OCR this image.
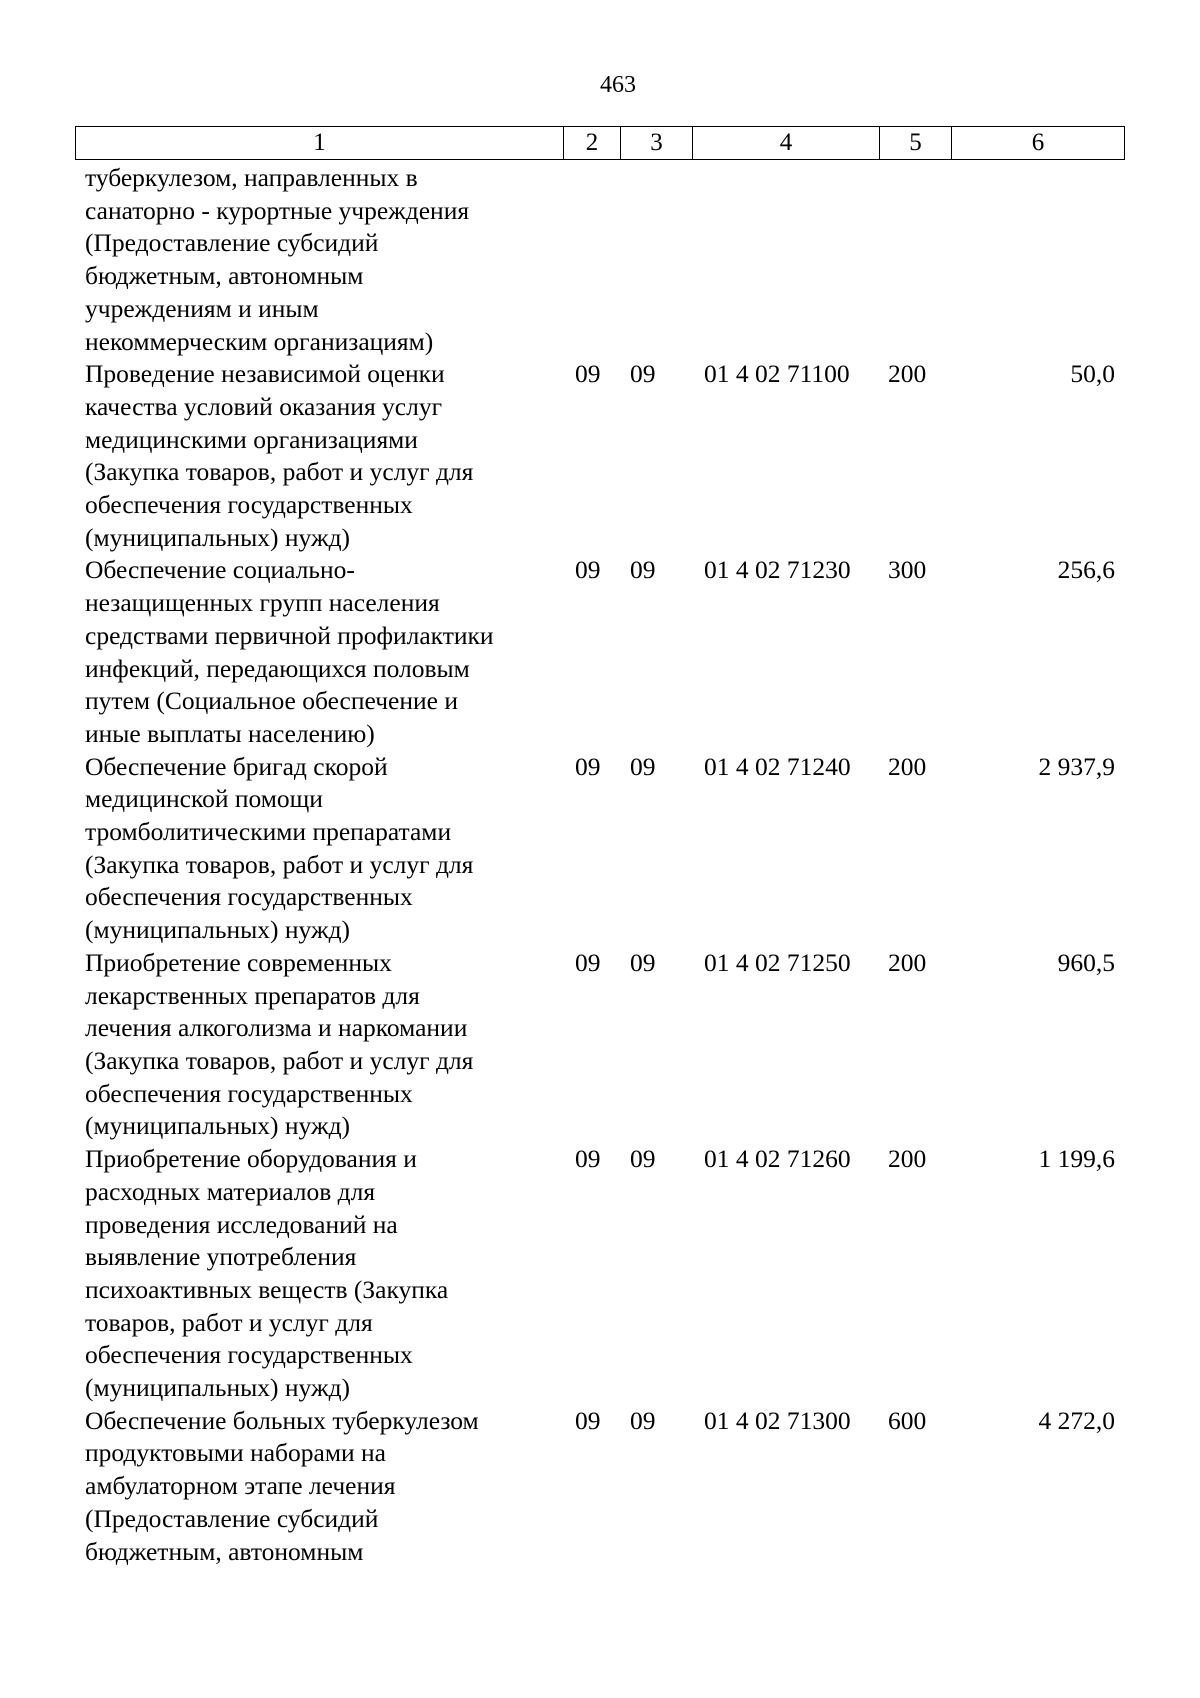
463
1	2	3	4	5	6
туберкулезом, направленных в
санаторно - курортные учреждения
(Предоставление субсидий
бюджетным, автономным
учреждениям и иным
некоммерческим организациям)
Проведение независимой оценки
качества условий оказания услуг
медицинскими организациями
(Закупка товаров, работ и услуг для
обеспечения государственных
(муниципальных) нужд)
09	09	01 4 02 71100	200	50,0
Обеспечение социально-
незащищенных групп населения
средствами первичной профилактики
инфекций, передающихся половым
путем (Социальное обеспечение и
иные выплаты населению)
09	09	01 4 02 71230	300	256,6
Обеспечение бригад скорой
медицинской помощи
тромболитическими препаратами
(Закупка товаров, работ и услуг для
обеспечения государственных
(муниципальных) нужд)
09	09	01 4 02 71240	200	2 937,9
Приобретение современных
лекарственных препаратов для
лечения алкоголизма и наркомании
(Закупка товаров, работ и услуг для
обеспечения государственных
(муниципальных) нужд)
09	09	01 4 02 71250	200	960,5
Приобретение оборудования и
расходных материалов для
проведения исследований на
выявление употребления
психоактивных веществ (Закупка
товаров, работ и услуг для
обеспечения государственных
(муниципальных) нужд)
09	09	01 4 02 71260	200	1 199,6
Обеспечение больных туберкулезом
продуктовыми наборами на
амбулаторном этапе лечения
(Предоставление субсидий
бюджетным, автономным
09	09	01 4 02 71300	600	4 272,0
